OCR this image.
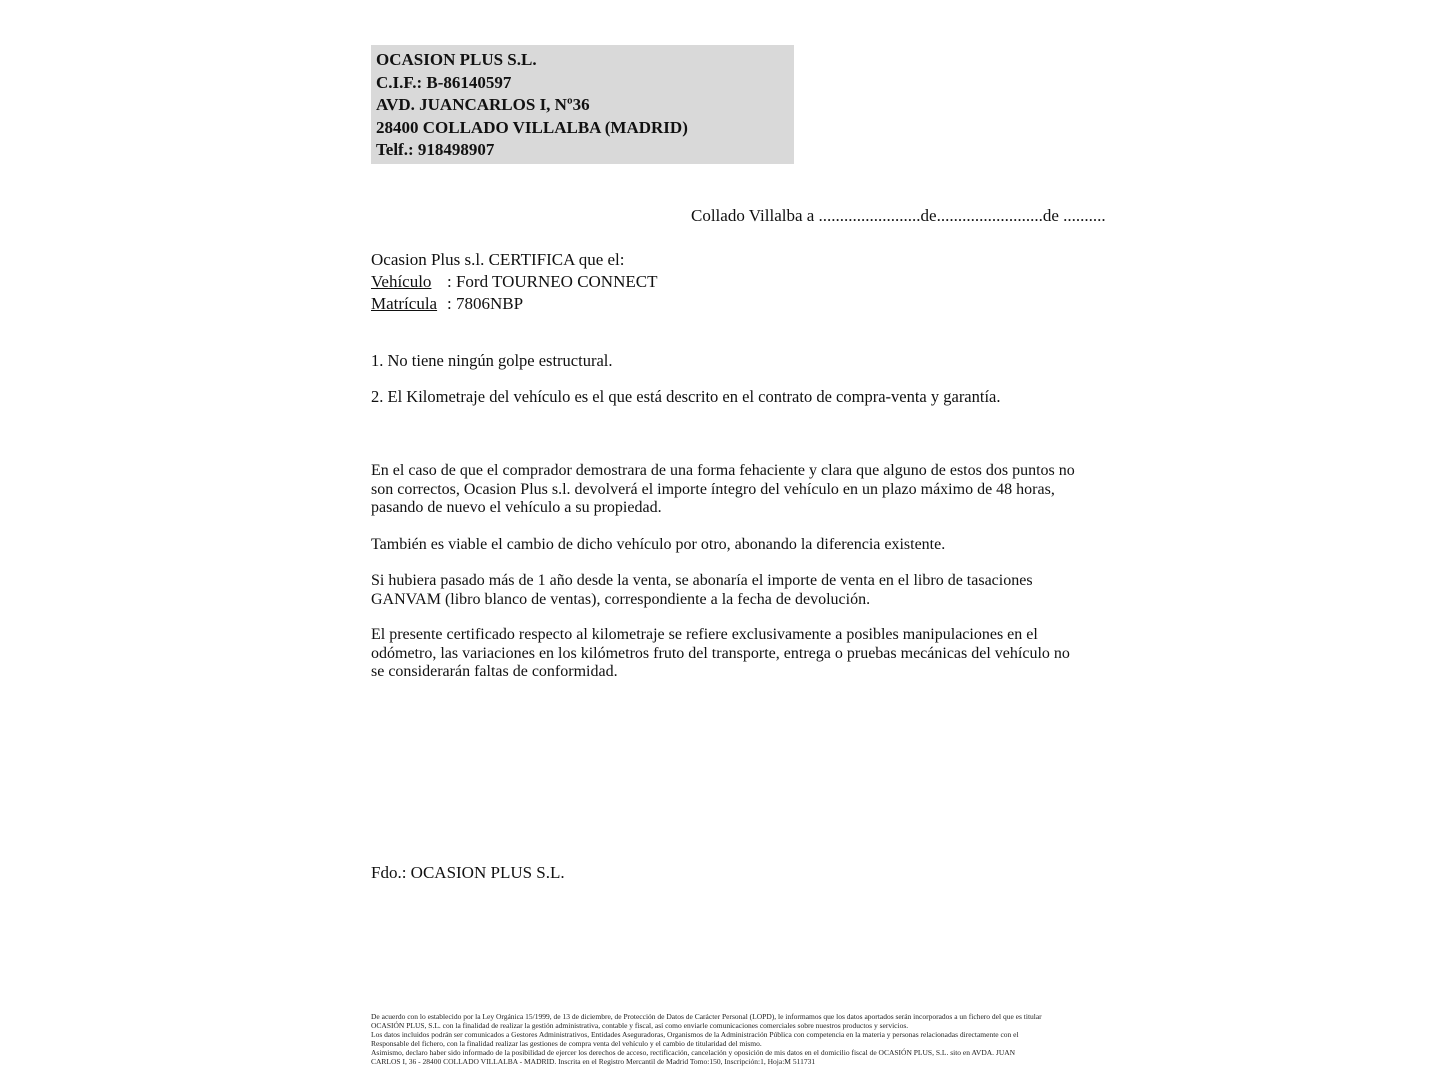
OCASION PLUS S.L.
C.I.F.: B-86140597
AVD. JUANCARLOS I, Nº36
28400 COLLADO VILLALBA (MADRID)
Telf.: 918498907
Collado Villalba a ........................de.........................de ..........
Ocasion Plus s.l. CERTIFICA que el:
Vehículo : Ford TOURNEO CONNECT
Matrícula : 7806NBP
1. No tiene ningún golpe estructural.
2. El Kilometraje del vehículo es el que está descrito en el contrato de compra-venta y garantía.
En el caso de que el comprador demostrara de una forma fehaciente y clara que alguno de estos dos puntos no son correctos, Ocasion Plus s.l. devolverá el importe íntegro del vehículo en un plazo máximo de 48 horas, pasando de nuevo el vehículo a su propiedad.
También es viable el cambio de dicho vehículo por otro, abonando la diferencia existente.
Si hubiera pasado más de 1 año desde la venta, se abonaría el importe de venta en el libro de tasaciones GANVAM (libro blanco de ventas), correspondiente a la fecha de devolución.
El presente certificado respecto al kilometraje se refiere exclusivamente a posibles manipulaciones en el odómetro, las variaciones en los kilómetros fruto del transporte, entrega o pruebas mecánicas del vehículo no se considerarán faltas de conformidad.
Fdo.: OCASION PLUS S.L.
De acuerdo con lo establecido por la Ley Orgánica 15/1999, de 13 de diciembre, de Protección de Datos de Carácter Personal (LOPD), le informamos que los datos aportados serán incorporados a un fichero del que es titular
OCASIÓN PLUS, S.L. con la finalidad de realizar la gestión administrativa, contable y fiscal, así como enviarle comunicaciones comerciales sobre nuestros productos y servicios.
Los datos incluidos podrán ser comunicados a Gestores Administrativos, Entidades Aseguradoras, Organismos de la Administración Pública con competencia en la materia y personas relacionadas directamente con el
Responsable del fichero, con la finalidad realizar las gestiones de compra venta del vehículo y el cambio de titularidad del mismo.
Asimismo, declaro haber sido informado de la posibilidad de ejercer los derechos de acceso, rectificación, cancelación y oposición de mis datos en el domicilio fiscal de OCASIÓN PLUS, S.L. sito en AVDA. JUAN
CARLOS I, 36 - 28400 COLLADO VILLALBA - MADRID. Inscrita en el Registro Mercantil de Madrid Tomo:150, Inscripción:1, Hoja:M 511731
